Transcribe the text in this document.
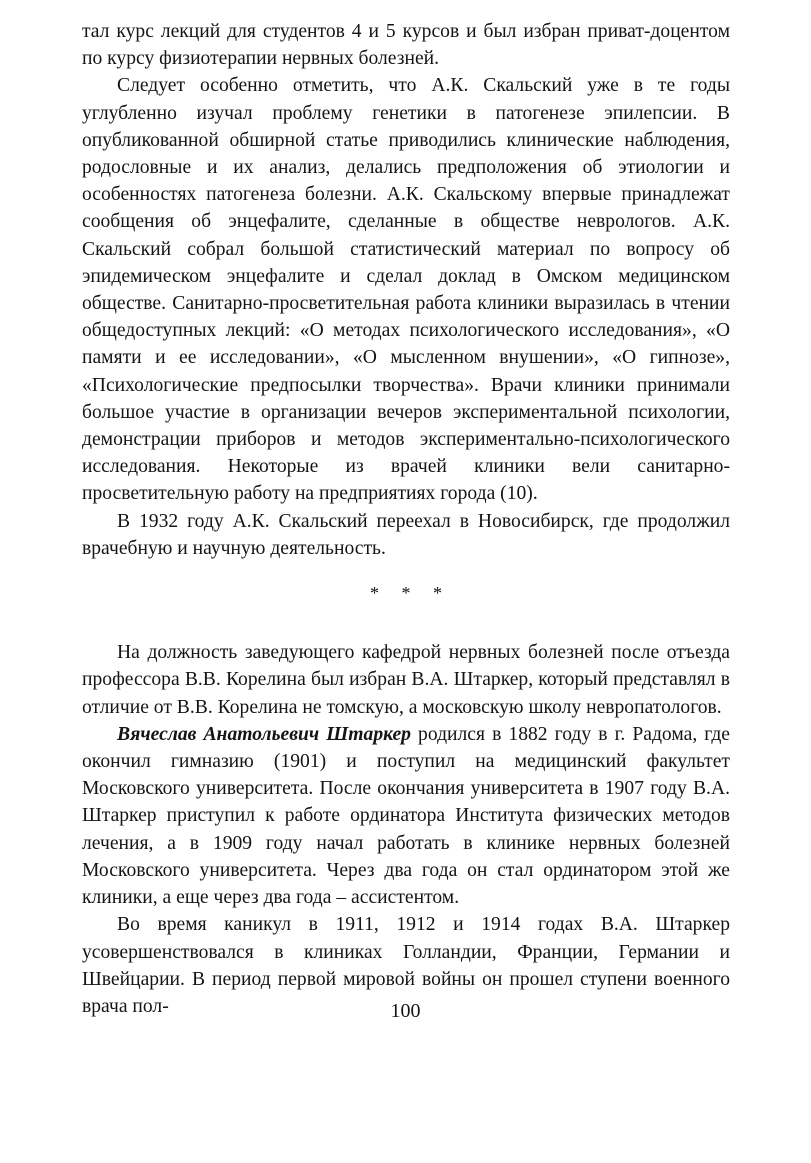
тал курс лекций для студентов 4 и 5 курсов и был избран приват-доцентом по курсу физиотерапии нервных болезней.

Следует особенно отметить, что А.К. Скальский уже в те годы углубленно изучал проблему генетики в патогенезе эпилепсии. В опубликованной обширной статье приводились клинические наблюдения, родословные и их анализ, делались предположения об этиологии и особенностях патогенеза болезни. А.К. Скальскому впервые принадлежат сообщения об энцефалите, сделанные в обществе неврологов. А.К. Скальский собрал большой статистический материал по вопросу об эпидемическом энцефалите и сделал доклад в Омском медицинском обществе. Санитарно-просветительная работа клиники выразилась в чтении общедоступных лекций: «О методах психологического исследования», «О памяти и ее исследовании», «О мысленном внушении», «О гипнозе», «Психологические предпосылки творчества». Врачи клиники принимали большое участие в организации вечеров экспериментальной психологии, демонстрации приборов и методов экспериментально-психологического исследования. Некоторые из врачей клиники вели санитарно-просветительную работу на предприятиях города (10).

В 1932 году А.К. Скальский переехал в Новосибирск, где продолжил врачебную и научную деятельность.

* * *

На должность заведующего кафедрой нервных болезней после отъезда профессора В.В. Корелина был избран В.А. Штаркер, который представлял в отличие от В.В. Корелина не томскую, а московскую школу невропатологов.

Вячеслав Анатольевич Штаркер родился в 1882 году в г. Радома, где окончил гимназию (1901) и поступил на медицинский факультет Московского университета. После окончания университета в 1907 году В.А. Штаркер приступил к работе ординатора Института физических методов лечения, а в 1909 году начал работать в клинике нервных болезней Московского университета. Через два года он стал ординатором этой же клиники, а еще через два года – ассистентом.

Во время каникул в 1911, 1912 и 1914 годах В.А. Штаркер усовершенствовался в клиниках Голландии, Франции, Германии и Швейцарии. В период первой мировой войны он прошел ступени военного врача пол-	100
